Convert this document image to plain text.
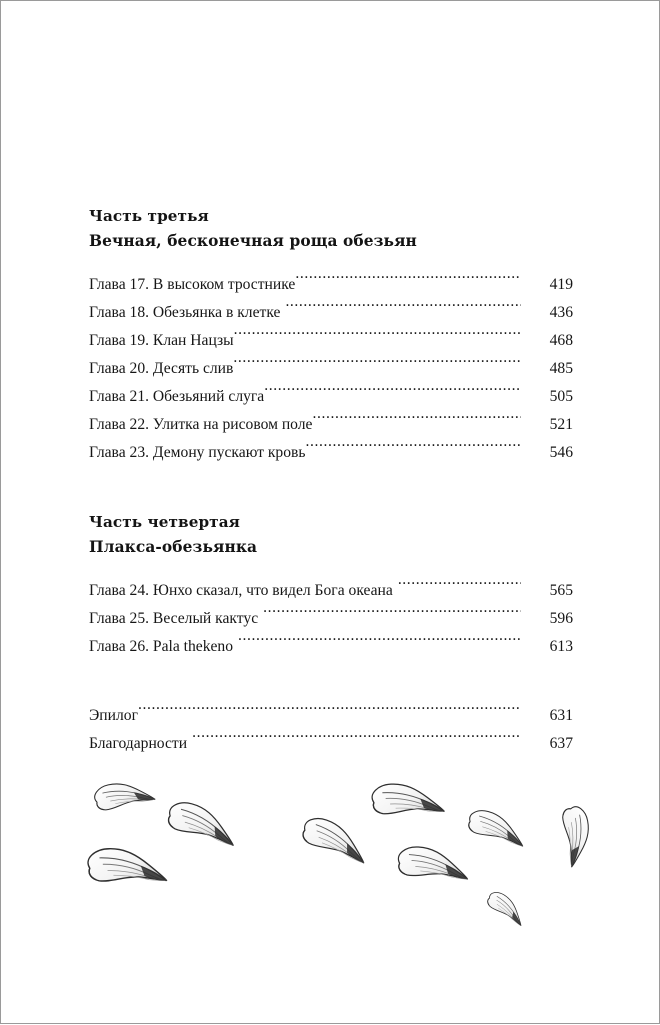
Часть третья
Вечная, бесконечная роща обезьян
Глава 17. В высоком тростнике .....	419
Глава 18. Обезьянка в клетке .....	436
Глава 19. Клан Нацзы .....	468
Глава 20. Десять слив .....	485
Глава 21. Обезьяний слуга .....	505
Глава 22. Улитка на рисовом поле .....	521
Глава 23. Демону пускают кровь .....	546
Часть четвертая
Плакса-обезьянка
Глава 24. Юнхо сказал, что видел Бога океана .....	565
Глава 25. Веселый кактус .....	596
Глава 26. Pala thekeno .....	613
Эпилог .....	631
Благодарности .....	637
